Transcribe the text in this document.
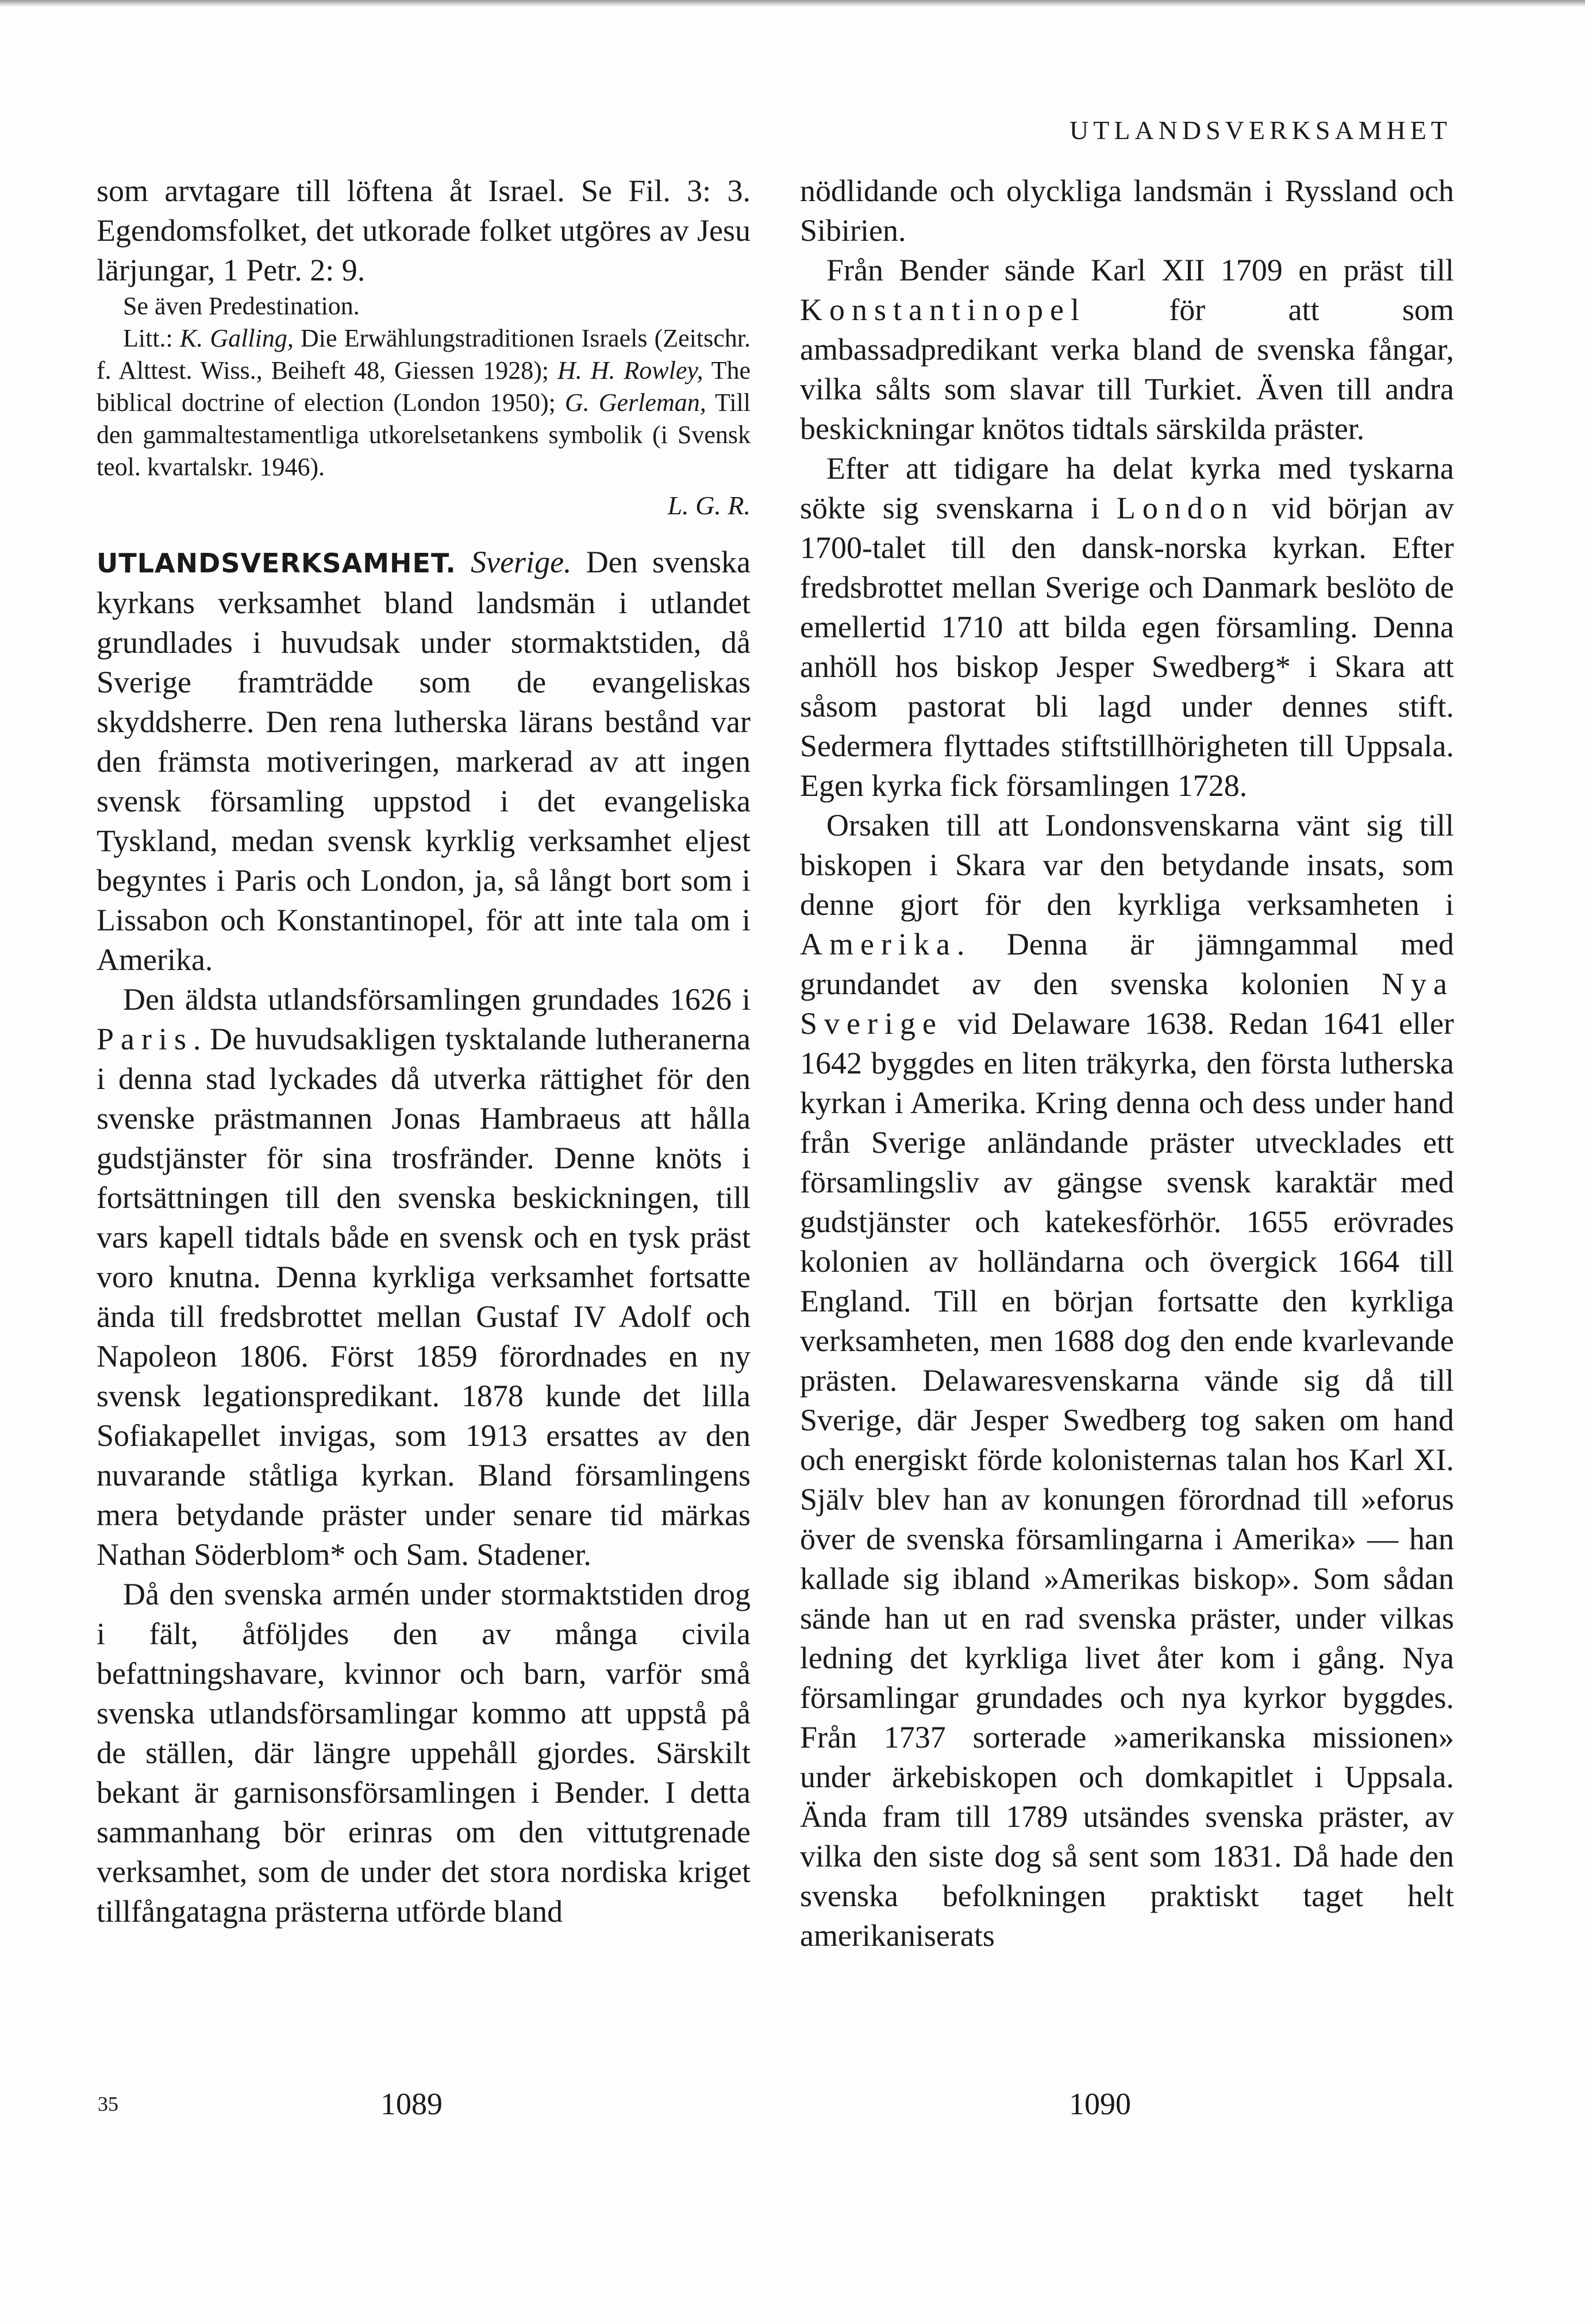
UTLANDSVERKSAMHET

som arvtagare till löftena åt Israel. Se Fil. 3: 3. Egendomsfolket, det utkorade folket utgöres av Jesu lärjungar, 1 Petr. 2: 9.

Se även Predestination.

Litt.: K. Galling, Die Erwählungstraditionen Israels (Zeitschr. f. Alttest. Wiss., Beiheft 48, Giessen 1928); H. H. Rowley, The biblical doctrine of election (London 1950); G. Gerleman, Till den gammaltestamentliga utkorelsetankens symbolik (i Svensk teol. kvartalskr. 1946).

L. G. R.

UTLANDSVERKSAMHET. Sverige. Den svenska kyrkans verksamhet bland landsmän i utlandet grundlades i huvudsak under stormaktstiden, då Sverige framträdde som de evangeliskas skyddsherre. Den rena lutherska lärans bestånd var den främsta motiveringen, markerad av att ingen svensk församling uppstod i det evangeliska Tyskland, medan svensk kyrklig verksamhet eljest begyntes i Paris och London, ja, så långt bort som i Lissabon och Konstantinopel, för att inte tala om i Amerika.

Den äldsta utlandsförsamlingen grundades 1626 i Paris. De huvudsakligen tysktalande lutheranerna i denna stad lyckades då utverka rättighet för den svenske prästmannen Jonas Hambraeus att hålla gudstjänster för sina trosfränder. Denne knöts i fortsättningen till den svenska beskickningen, till vars kapell tidtals både en svensk och en tysk präst voro knutna. Denna kyrkliga verksamhet fortsatte ända till fredsbrottet mellan Gustaf IV Adolf och Napoleon 1806. Först 1859 förordnades en ny svensk legationspredikant. 1878 kunde det lilla Sofiakapellet invigas, som 1913 ersattes av den nuvarande ståtliga kyrkan. Bland församlingens mera betydande präster under senare tid märkas Nathan Söderblom* och Sam. Stadener.

Då den svenska armén under stormaktstiden drog i fält, åtföljdes den av många civila befattningshavare, kvinnor och barn, varför små svenska utlandsförsamlingar kommo att uppstå på de ställen, där längre uppehåll gjordes. Särskilt bekant är garnisonsförsamlingen i Bender. I detta sammanhang bör erinras om den vittutgrenade verksamhet, som de under det stora nordiska kriget tillfångatagna prästerna utförde bland

nödlidande och olyckliga landsmän i Ryssland och Sibirien.

Från Bender sände Karl XII 1709 en präst till Konstantinopel för att som ambassadpredikant verka bland de svenska fångar, vilka sålts som slavar till Turkiet. Även till andra beskickningar knötos tidtals särskilda präster.

Efter att tidigare ha delat kyrka med tyskarna sökte sig svenskarna i London vid början av 1700-talet till den dansk-norska kyrkan. Efter fredsbrottet mellan Sverige och Danmark beslöto de emellertid 1710 att bilda egen församling. Denna anhöll hos biskop Jesper Swedberg* i Skara att såsom pastorat bli lagd under dennes stift. Sedermera flyttades stiftstillhörigheten till Uppsala. Egen kyrka fick församlingen 1728.

Orsaken till att Londonsvenskarna vänt sig till biskopen i Skara var den betydande insats, som denne gjort för den kyrkliga verksamheten i Amerika. Denna är jämngammal med grundandet av den svenska kolonien Nya Sverige vid Delaware 1638. Redan 1641 eller 1642 byggdes en liten träkyrka, den första lutherska kyrkan i Amerika. Kring denna och dess under hand från Sverige anländande präster utvecklades ett församlingsliv av gängse svensk karaktär med gudstjänster och katekesförhör. 1655 erövrades kolonien av holländarna och övergick 1664 till England. Till en början fortsatte den kyrkliga verksamheten, men 1688 dog den ende kvarlevande prästen. Delawaresvenskarna vände sig då till Sverige, där Jesper Swedberg tog saken om hand och energiskt förde kolonisternas talan hos Karl XI. Själv blev han av konungen förordnad till »eforus över de svenska församlingarna i Amerika» — han kallade sig ibland »Amerikas biskop». Som sådan sände han ut en rad svenska präster, under vilkas ledning det kyrkliga livet åter kom i gång. Nya församlingar grundades och nya kyrkor byggdes. Från 1737 sorterade »amerikanska missionen» under ärkebiskopen och domkapitlet i Uppsala. Ända fram till 1789 utsändes svenska präster, av vilka den siste dog så sent som 1831. Då hade den svenska befolkningen praktiskt taget helt amerikaniserats

35	1089	1090
